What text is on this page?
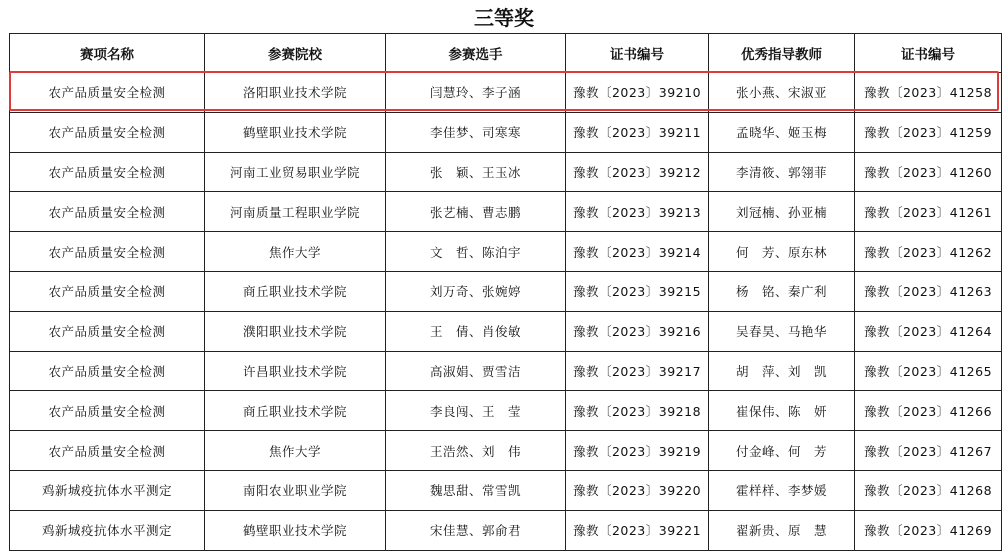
三等奖
赛项名称	参赛院校	参赛选手	证书编号	优秀指导教师	证书编号
农产品质量安全检测	洛阳职业技术学院	闫慧玲、李子涵	豫教〔2023〕39210	张小燕、宋淑亚	豫教〔2023〕41258
农产品质量安全检测	鹤壁职业技术学院	李佳梦、司寒寒	豫教〔2023〕39211	孟晓华、姬玉梅	豫教〔2023〕41259
农产品质量安全检测	河南工业贸易职业学院	张　颖、王玉冰	豫教〔2023〕39212	李清筱、郭翎菲	豫教〔2023〕41260
农产品质量安全检测	河南质量工程职业学院	张艺楠、曹志鹏	豫教〔2023〕39213	刘冠楠、孙亚楠	豫教〔2023〕41261
农产品质量安全检测	焦作大学	文　哲、陈泊宇	豫教〔2023〕39214	何　芳、原东林	豫教〔2023〕41262
农产品质量安全检测	商丘职业技术学院	刘万奇、张婉婷	豫教〔2023〕39215	杨　铭、秦广利	豫教〔2023〕41263
农产品质量安全检测	濮阳职业技术学院	王　倩、肖俊敏	豫教〔2023〕39216	吴春昊、马艳华	豫教〔2023〕41264
农产品质量安全检测	许昌职业技术学院	高淑娟、贾雪洁	豫教〔2023〕39217	胡　萍、刘　凯	豫教〔2023〕41265
农产品质量安全检测	商丘职业技术学院	李良闯、王　莹	豫教〔2023〕39218	崔保伟、陈　妍	豫教〔2023〕41266
农产品质量安全检测	焦作大学	王浩然、刘　伟	豫教〔2023〕39219	付金峰、何　芳	豫教〔2023〕41267
鸡新城疫抗体水平测定	南阳农业职业学院	魏思甜、常雪凯	豫教〔2023〕39220	霍样样、李梦媛	豫教〔2023〕41268
鸡新城疫抗体水平测定	鹤壁职业技术学院	宋佳慧、郭俞君	豫教〔2023〕39221	翟新贵、原　慧	豫教〔2023〕41269
